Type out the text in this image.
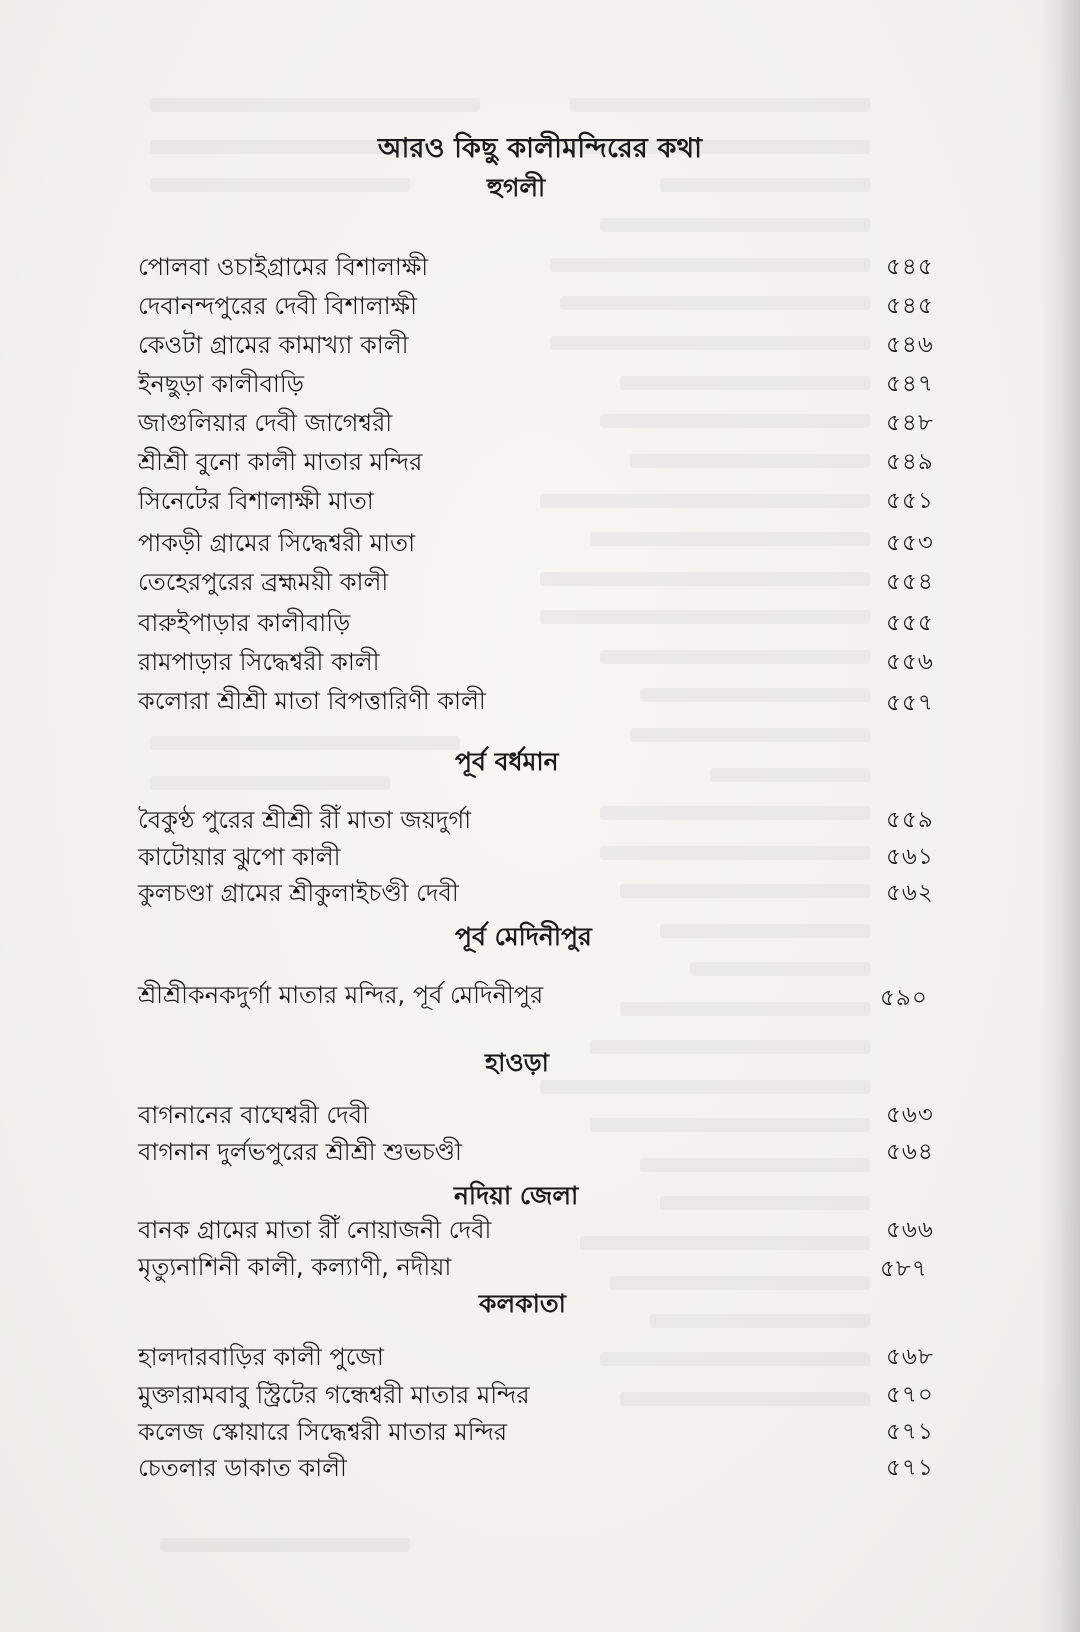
আরও কিছু কালীমন্দিরের কথা
হুগলী
পোলবা ওচাইগ্রামের বিশালাক্ষী	৫৪৫
দেবানন্দপুরের দেবী বিশালাক্ষী	৫৪৫
কেওটা গ্রামের কামাখ্যা কালী	৫৪৬
ইনছুড়া কালীবাড়ি	৫৪৭
জাগুলিয়ার দেবী জাগেশ্বরী	৫৪৮
শ্রীশ্রী বুনো কালী মাতার মন্দির	৫৪৯
সিনেটের বিশালাক্ষী মাতা	৫৫১
পাকড়ী গ্রামের সিদ্ধেশ্বরী মাতা	৫৫৩
তেহেরপুরের ব্রহ্মময়ী কালী	৫৫৪
বারুইপাড়ার কালীবাড়ি	৫৫৫
রামপাড়ার সিদ্ধেশ্বরী কালী	৫৫৬
কলোরা শ্রীশ্রী মাতা বিপত্তারিণী কালী	৫৫৭
পূর্ব বর্ধমান
বৈকুণ্ঠ পুরের শ্রীশ্রী রীঁ মাতা জয়দুর্গা	৫৫৯
কাটোয়ার ঝুপো কালী	৫৬১
কুলচণ্ডা গ্রামের শ্রীকুলাইচণ্ডী দেবী	৫৬২
পূর্ব মেদিনীপুর
শ্রীশ্রীকনকদুর্গা মাতার মন্দির, পূর্ব মেদিনীপুর	৫৯০
হাওড়া
বাগনানের বাঘেশ্বরী দেবী	৫৬৩
বাগনান দুর্লভপুরের শ্রীশ্রী শুভচণ্ডী	৫৬৪
নদিয়া জেলা
বানক গ্রামের মাতা রীঁ নোয়াজনী দেবী	৫৬৬
মৃত্যুনাশিনী কালী, কল্যাণী, নদীয়া	৫৮৭
কলকাতা
হালদারবাড়ির কালী পুজো	৫৬৮
মুক্তারামবাবু স্ট্রিটের গন্ধেশ্বরী মাতার মন্দির	৫৭০
কলেজ স্কোয়ারে সিদ্ধেশ্বরী মাতার মন্দির	৫৭১
চেতলার ডাকাত কালী	৫৭১
